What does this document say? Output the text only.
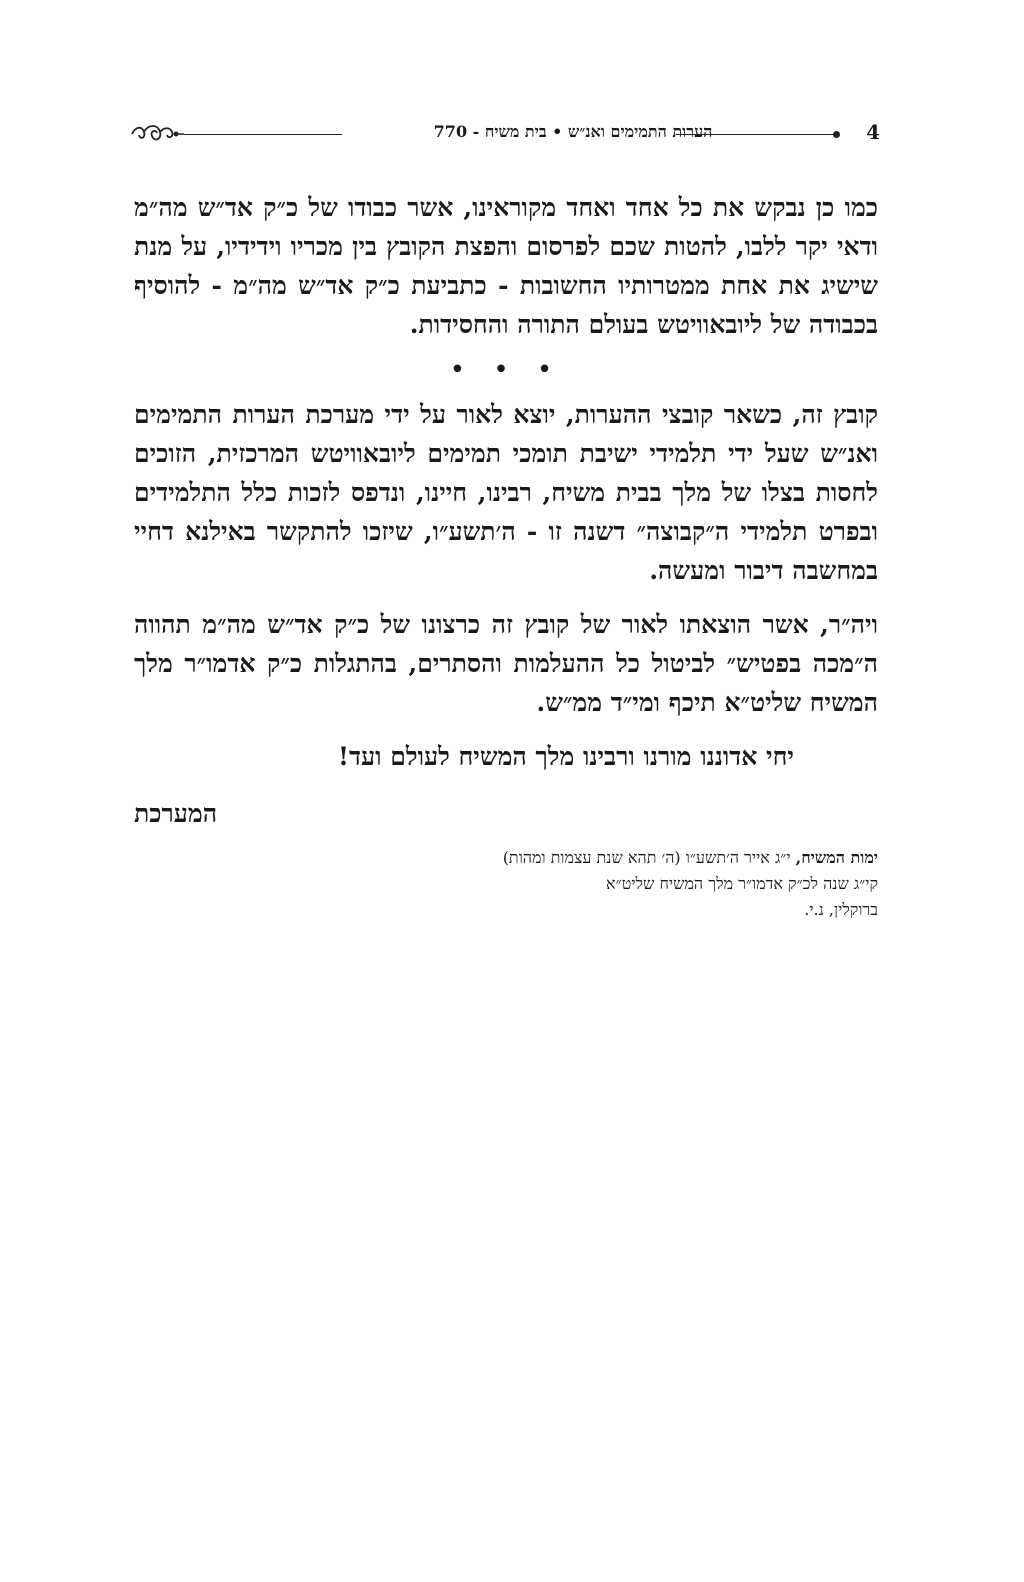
4
הערות התמימים ואנ״ש • בית משיח - 770

כמו כן נבקש את כל אחד ואחד מקוראינו, אשר כבודו של כ״ק אד״ש מה״מ ודאי יקר ללבו, להטות שכם לפרסום והפצת הקובץ בין מכריו וידידיו, על מנת שישיג את אחת ממטרותיו החשובות - כתביעת כ״ק אד״ש מה״מ - להוסיף בכבודה של ליובאוויטש בעולם התורה והחסידות.

• • •

קובץ זה, כשאר קובצי ההערות, יוצא לאור על ידי מערכת הערות התמימים ואנ״ש שעל ידי תלמידי ישיבת תומכי תמימים ליובאוויטש המרכזית, הזוכים לחסות בצלו של מלך בבית משיח, רבינו, חיינו, ונדפס לזכות כלל התלמידים ובפרט תלמידי ה״קבוצה״ דשנה זו - ה׳תשע״ו, שיזכו להתקשר באילנא דחיי במחשבה דיבור ומעשה.

ויה״ר, אשר הוצאתו לאור של קובץ זה כרצונו של כ״ק אד״ש מה״מ תהווה ה״מכה בפטיש״ לביטול כל ההעלמות והסתרים, בהתגלות כ״ק אדמו״ר מלך המשיח שליט״א תיכף ומי״ד ממ״ש.

יחי אדוננו מורנו ורבינו מלך המשיח לעולם ועד!
המערכת
ימות המשיח, י״ג אייר ה׳תשע״ו (ה׳ תהא שנת עצמות ומהות)
קי״ג שנה לכ״ק אדמו״ר מלך המשיח שליט״א
ברוקלין, נ.י.
